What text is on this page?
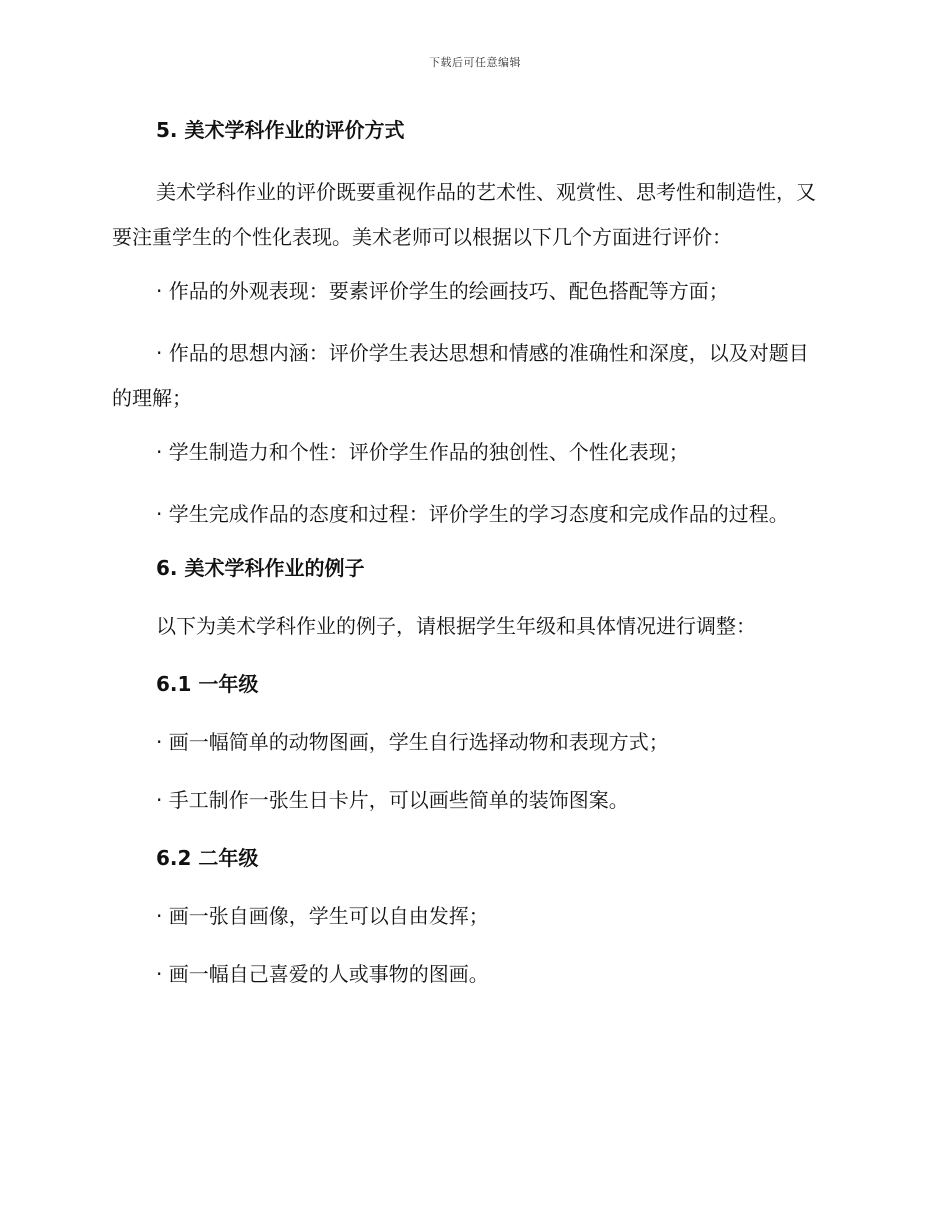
下载后可任意编辑
5. 美术学科作业的评价方式
美术学科作业的评价既要重视作品的艺术性、观赏性、思考性和制造性，又要注重学生的个性化表现。美术老师可以根据以下几个方面进行评价：
· 作品的外观表现：要素评价学生的绘画技巧、配色搭配等方面；
· 作品的思想内涵：评价学生表达思想和情感的准确性和深度，以及对题目的理解；
· 学生制造力和个性：评价学生作品的独创性、个性化表现；
· 学生完成作品的态度和过程：评价学生的学习态度和完成作品的过程。
6. 美术学科作业的例子
以下为美术学科作业的例子，请根据学生年级和具体情况进行调整：
6.1 一年级
· 画一幅简单的动物图画，学生自行选择动物和表现方式；
· 手工制作一张生日卡片，可以画些简单的装饰图案。
6.2 二年级
· 画一张自画像，学生可以自由发挥；
· 画一幅自己喜爱的人或事物的图画。
